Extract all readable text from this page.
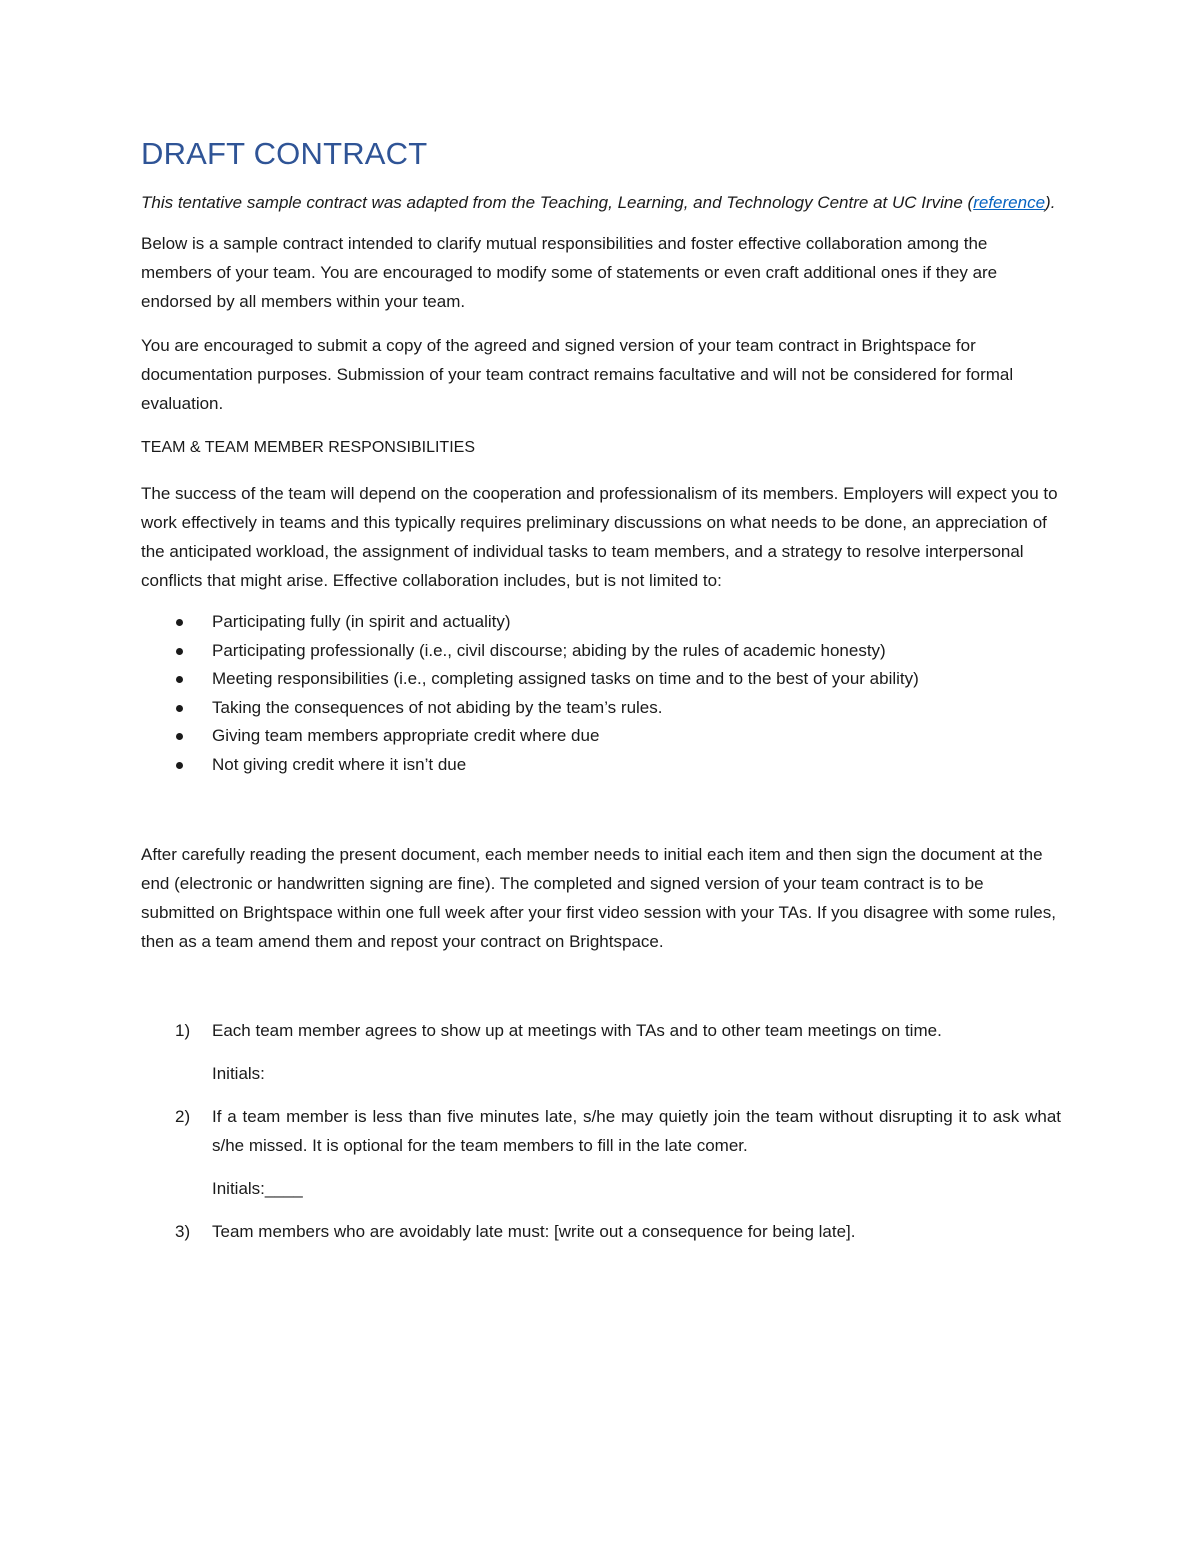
DRAFT CONTRACT

This tentative sample contract was adapted from the Teaching, Learning, and Technology Centre at UC Irvine (reference).

Below is a sample contract intended to clarify mutual responsibilities and foster effective collaboration among the members of your team. You are encouraged to modify some of statements or even craft additional ones if they are endorsed by all members within your team.

You are encouraged to submit a copy of the agreed and signed version of your team contract in Brightspace for documentation purposes. Submission of your team contract remains facultative and will not be considered for formal evaluation.

TEAM & TEAM MEMBER RESPONSIBILITIES

The success of the team will depend on the cooperation and professionalism of its members. Employers will expect you to work effectively in teams and this typically requires preliminary discussions on what needs to be done, an appreciation of the anticipated workload, the assignment of individual tasks to team members, and a strategy to resolve interpersonal conflicts that might arise. Effective collaboration includes, but is not limited to:

Participating fully (in spirit and actuality)
Participating professionally (i.e., civil discourse; abiding by the rules of academic honesty)
Meeting responsibilities (i.e., completing assigned tasks on time and to the best of your ability)
Taking the consequences of not abiding by the team’s rules.
Giving team members appropriate credit where due
Not giving credit where it isn’t due

After carefully reading the present document, each member needs to initial each item and then sign the document at the end (electronic or handwritten signing are fine). The completed and signed version of your team contract is to be submitted on Brightspace within one full week after your first video session with your TAs. If you disagree with some rules, then as a team amend them and repost your contract on Brightspace.

1) Each team member agrees to show up at meetings with TAs and to other team meetings on time.

Initials:

2) If a team member is less than five minutes late, s/he may quietly join the team without disrupting it to ask what s/he missed. It is optional for the team members to fill in the late comer.

Initials:____

3) Team members who are avoidably late must: [write out a consequence for being late].
